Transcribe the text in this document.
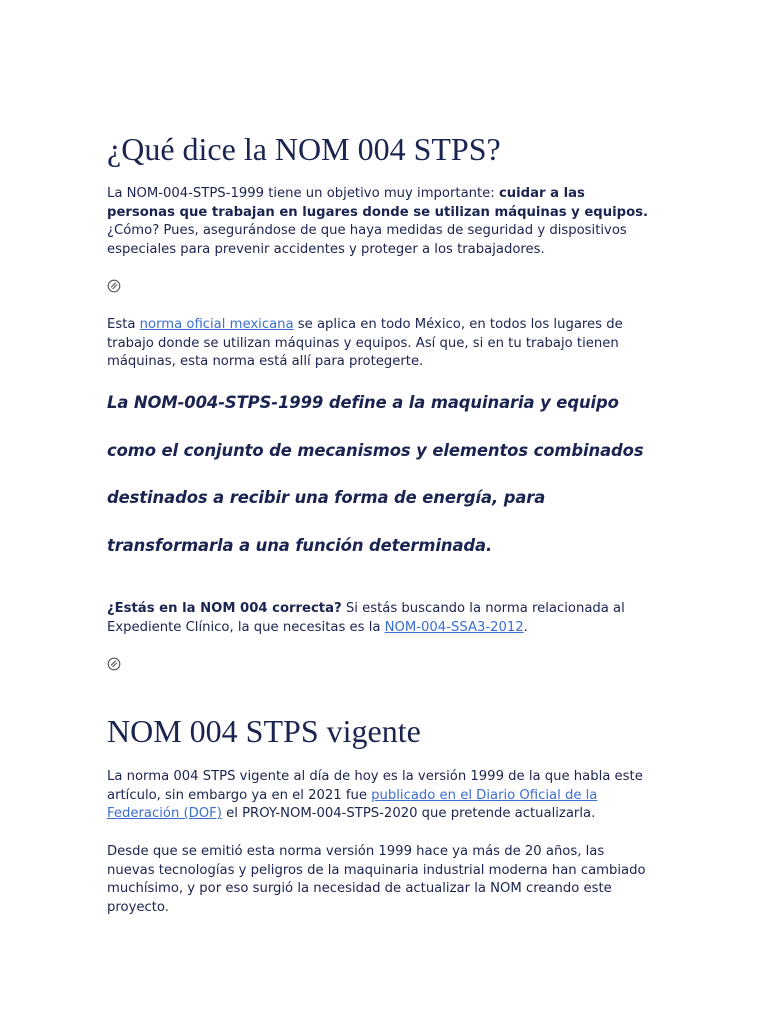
¿Qué dice la NOM 004 STPS?

La NOM-004-STPS-1999 tiene un objetivo muy importante: cuidar a las personas que trabajan en lugares donde se utilizan máquinas y equipos. ¿Cómo? Pues, asegurándose de que haya medidas de seguridad y dispositivos especiales para prevenir accidentes y proteger a los trabajadores.

Esta norma oficial mexicana se aplica en todo México, en todos los lugares de trabajo donde se utilizan máquinas y equipos. Así que, si en tu trabajo tienen máquinas, esta norma está allí para protegerte.

La NOM-004-STPS-1999 define a la maquinaria y equipo como el conjunto de mecanismos y elementos combinados destinados a recibir una forma de energía, para transformarla a una función determinada.

¿Estás en la NOM 004 correcta? Si estás buscando la norma relacionada al Expediente Clínico, la que necesitas es la NOM-004-SSA3-2012.

NOM 004 STPS vigente

La norma 004 STPS vigente al día de hoy es la versión 1999 de la que habla este artículo, sin embargo ya en el 2021 fue publicado en el Diario Oficial de la Federación (DOF) el PROY-NOM-004-STPS-2020 que pretende actualizarla.

Desde que se emitió esta norma versión 1999 hace ya más de 20 años, las nuevas tecnologías y peligros de la maquinaria industrial moderna han cambiado muchísimo, y por eso surgió la necesidad de actualizar la NOM creando este proyecto.
